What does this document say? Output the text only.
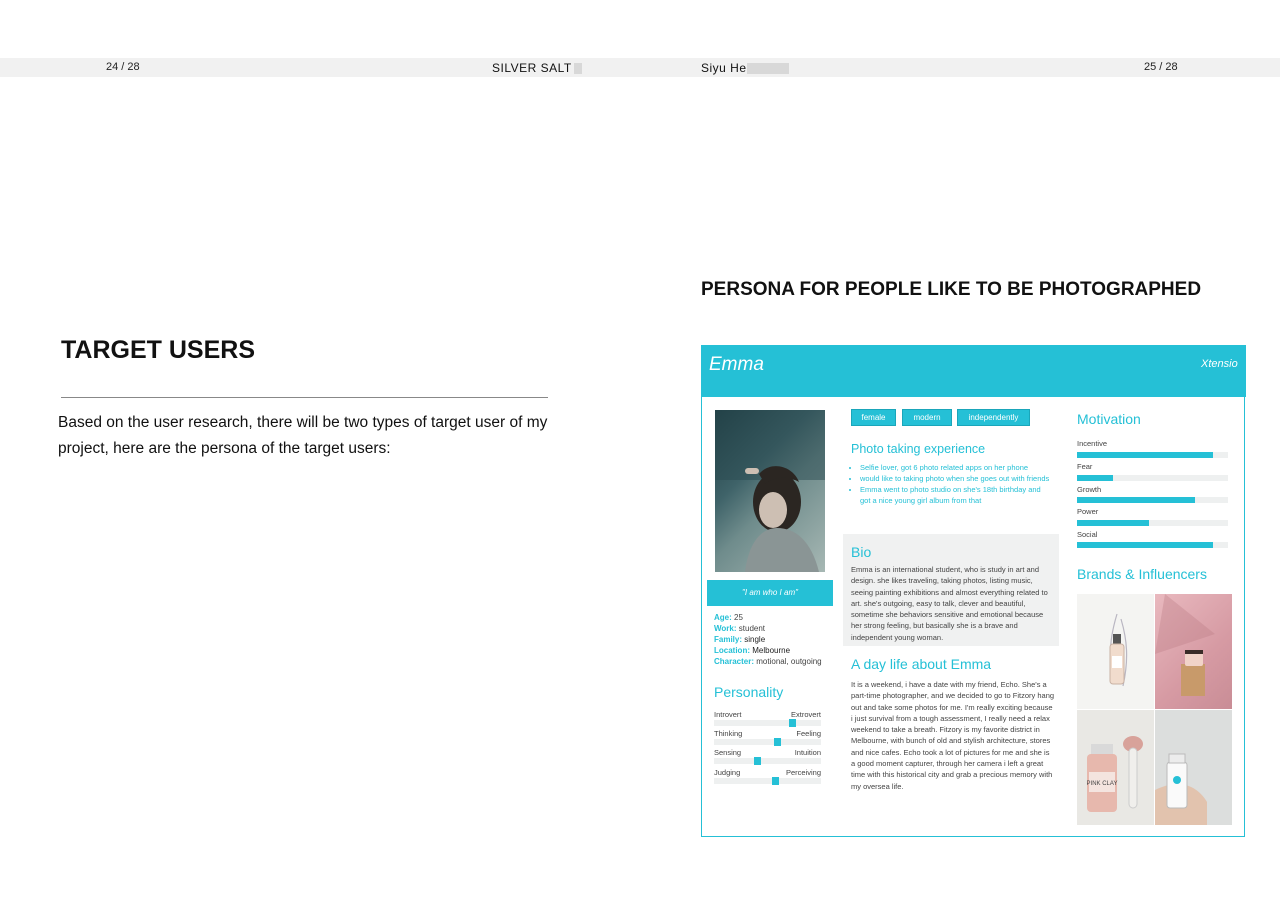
24 / 28	SILVER SALT	Siyu He	25 / 28
TARGET USERS
Based on the user research, there will be two types of target user of my project, here are the persona of the target users:
PERSONA FOR PEOPLE LIKE TO BE PHOTOGRAPHED
Emma	Xtensio
"I am who I am"
Age: 25
Work: student
Family: single
Location: Melbourne
Character: motional, outgoing
Personality
Introvert	Extrovert
Thinking	Feeling
Sensing	Intuition
Judging	Perceiving
female	modern	independently
Photo taking experience
• Selfie lover, got 6 photo related apps on her phone
• would like to taking photo when she goes out with friends
• Emma went to photo studio on she's 18th birthday and got a nice young girl album from that
Bio
Emma is an international student, who is study in art and design. she likes traveling, taking photos, listing music, seeing painting exhibitions and almost everything related to art. she's outgoing, easy to talk, clever and beautiful, sometime she behaviors sensitive and emotional because her strong feeling, but basically she is a brave and independent young woman.
A day life about Emma
It is a weekend, i have a date with my friend, Echo. She's a part-time photographer, and we decided to go to Fitzory hang out and take some photos for me. I'm really exciting because i just survival from a tough assessment, I really need a relax weekend to take a breath. Fitzory is my favorite district in Melbourne, with bunch of old and stylish architecture, stores and nice cafes. Echo took a lot of pictures for me and she is a good moment capturer, through her camera i left a great time with this historical city and grab a precious memory with my oversea life.
Motivation
Incentive
Fear
Growth
Power
Social
Brands & Influencers
PINK CLAY
